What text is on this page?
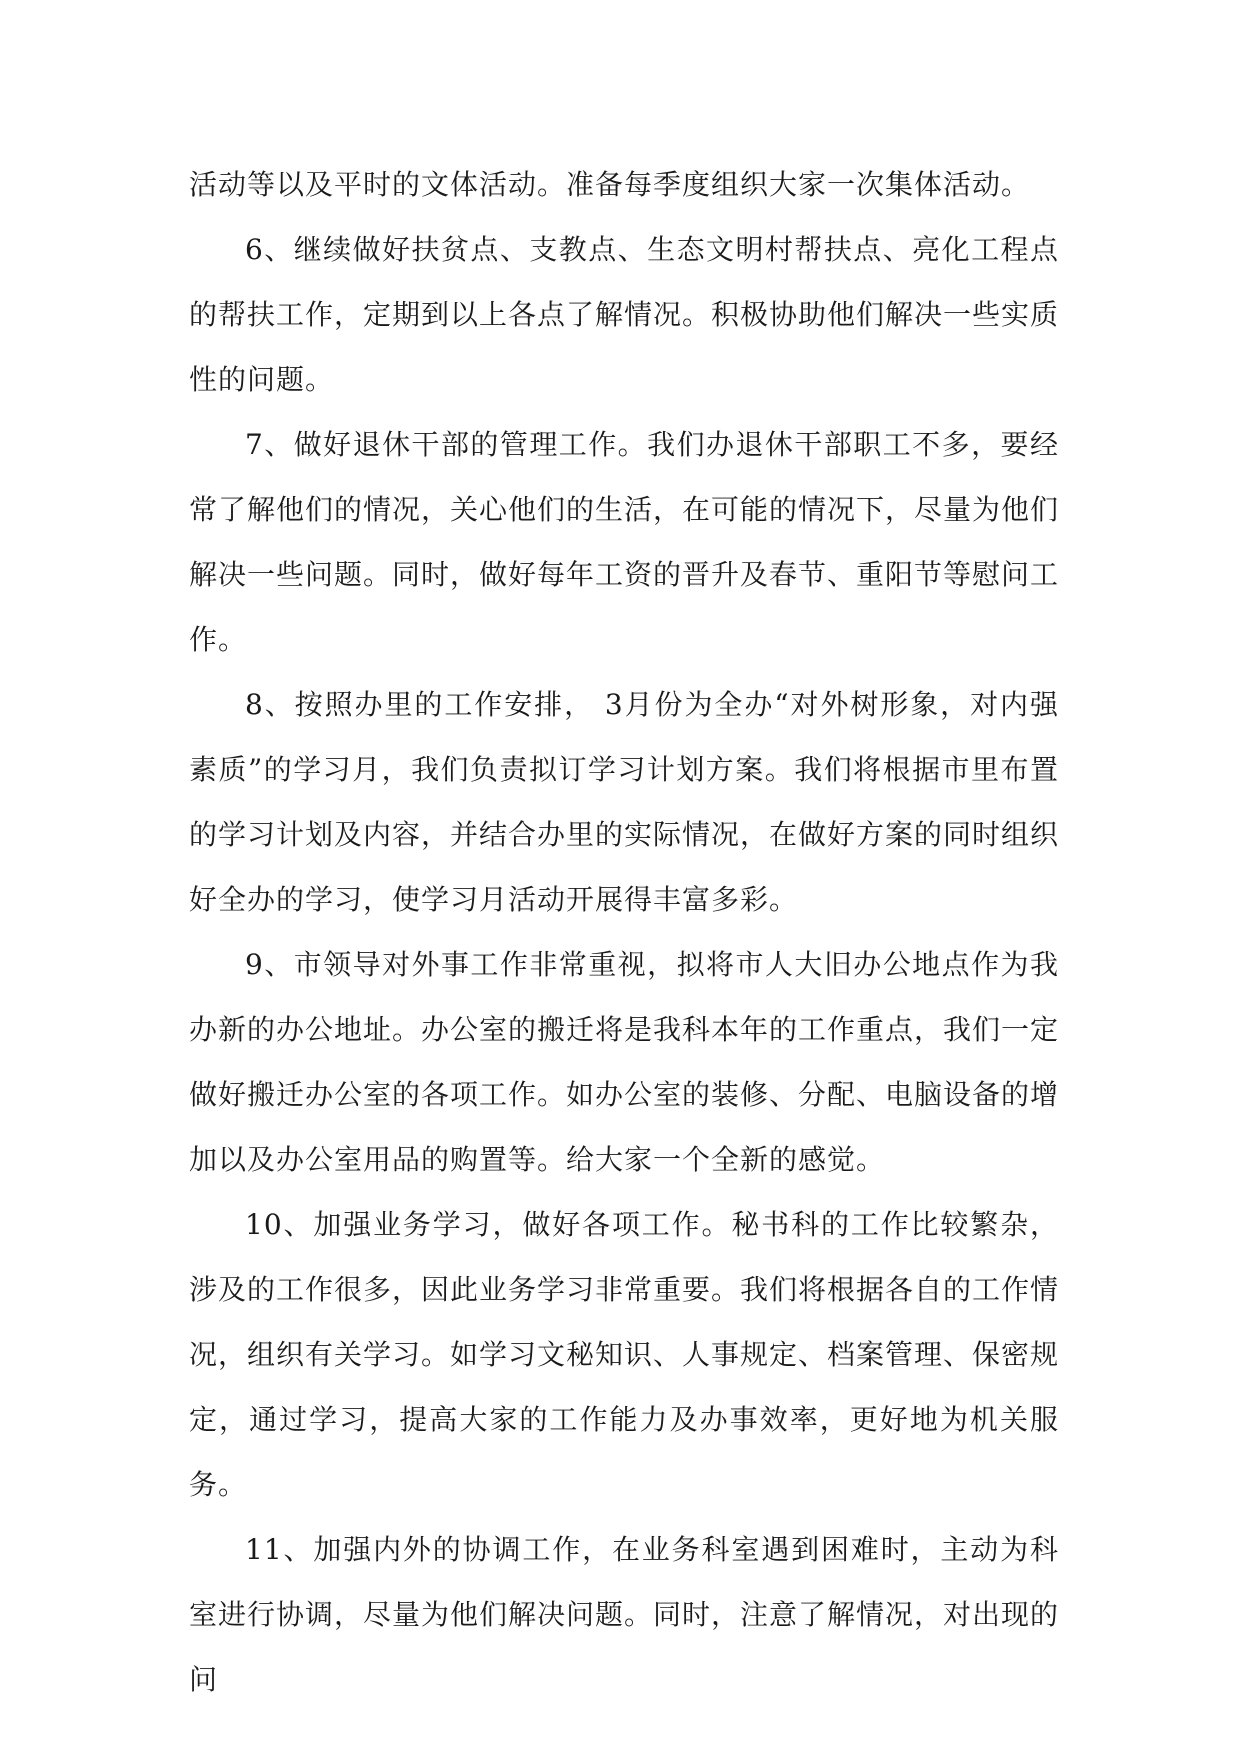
活动等以及平时的文体活动。准备每季度组织大家一次集体活动。

6、继续做好扶贫点、支教点、生态文明村帮扶点、亮化工程点的帮扶工作，定期到以上各点了解情况。积极协助他们解决一些实质性的问题。

7、做好退休干部的管理工作。我们办退休干部职工不多，要经常了解他们的情况，关心他们的生活，在可能的情况下，尽量为他们解决一些问题。同时，做好每年工资的晋升及春节、重阳节等慰问工作。

8、按照办里的工作安排， 3月份为全办“对外树形象，对内强素质”的学习月，我们负责拟订学习计划方案。我们将根据市里布置的学习计划及内容，并结合办里的实际情况，在做好方案的同时组织好全办的学习，使学习月活动开展得丰富多彩。

9、市领导对外事工作非常重视，拟将市人大旧办公地点作为我办新的办公地址。办公室的搬迁将是我科本年的工作重点，我们一定做好搬迁办公室的各项工作。如办公室的装修、分配、电脑设备的增加以及办公室用品的购置等。给大家一个全新的感觉。

10、加强业务学习，做好各项工作。秘书科的工作比较繁杂，涉及的工作很多，因此业务学习非常重要。我们将根据各自的工作情况，组织有关学习。如学习文秘知识、人事规定、档案管理、保密规定，通过学习，提高大家的工作能力及办事效率，更好地为机关服务。

11、加强内外的协调工作，在业务科室遇到困难时，主动为科室进行协调，尽量为他们解决问题。同时，注意了解情况，对出现的问
